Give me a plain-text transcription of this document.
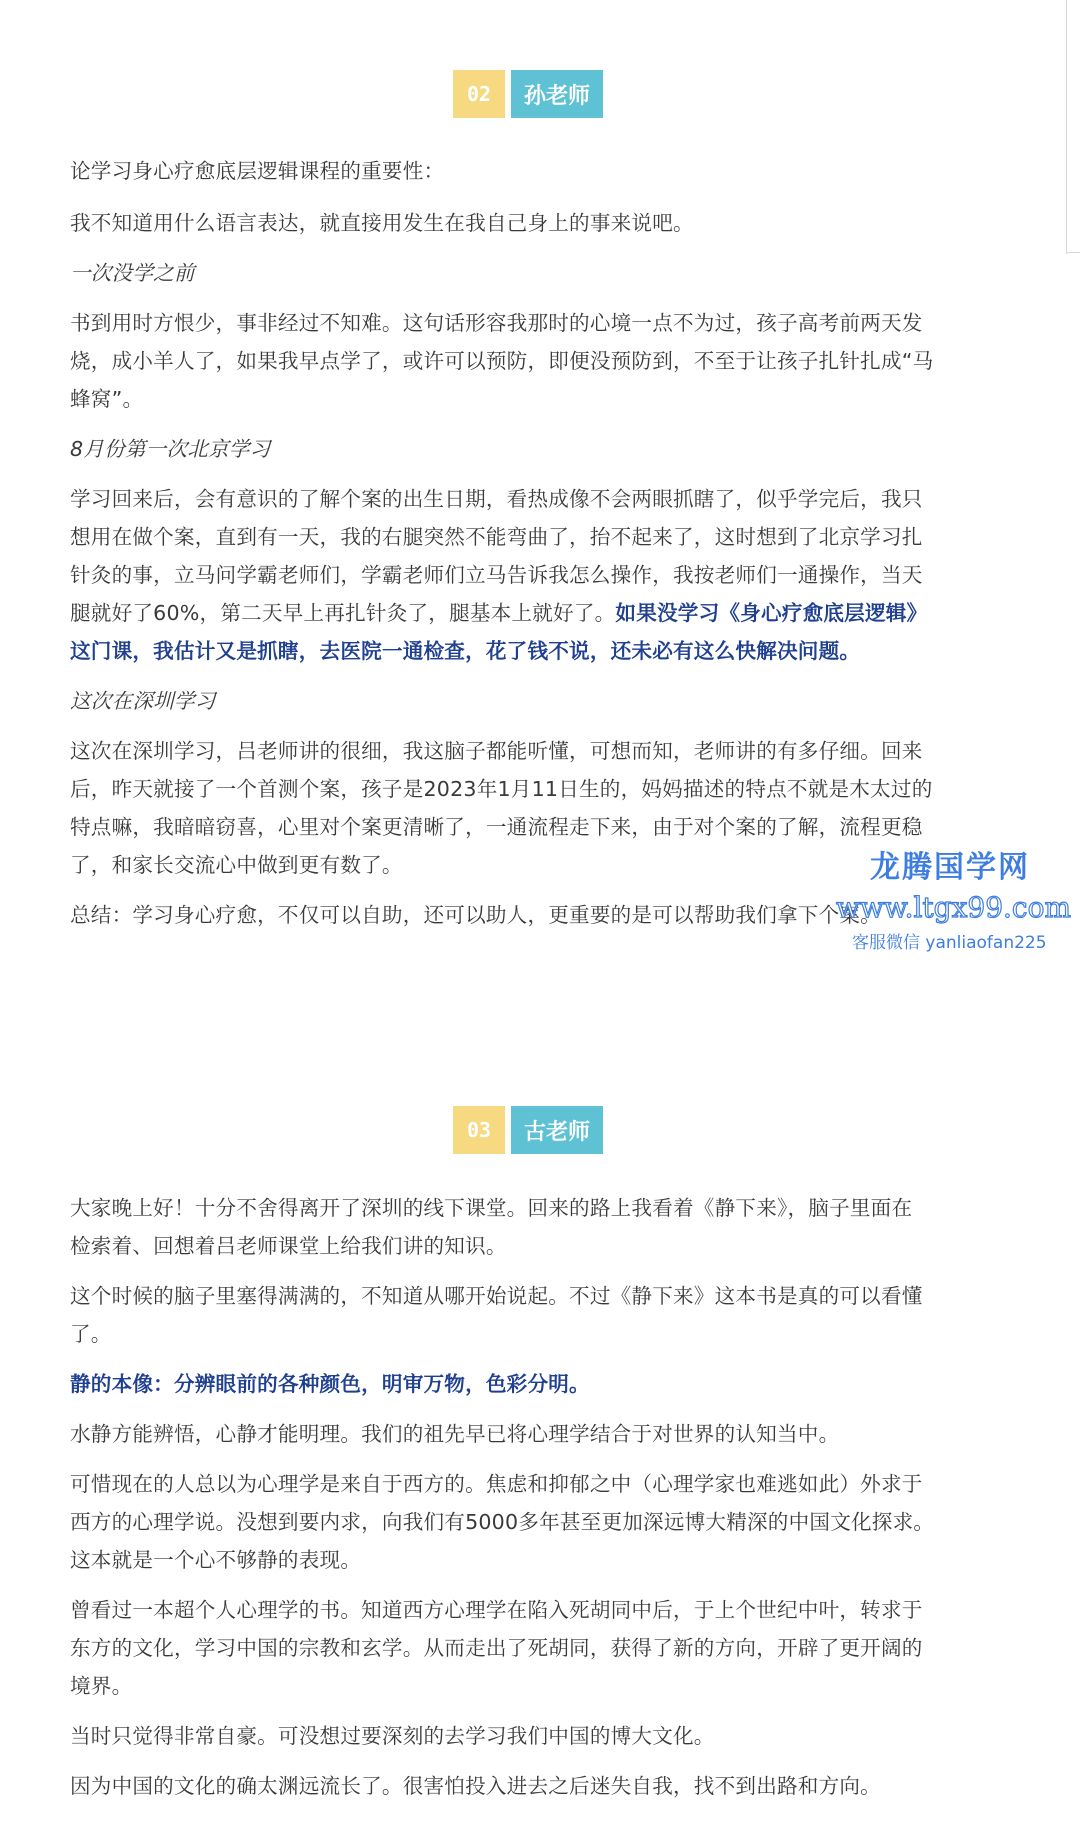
02	孙老师

论学习身心疗愈底层逻辑课程的重要性：

我不知道用什么语言表达，就直接用发生在我自己身上的事来说吧。

一次没学之前

书到用时方恨少，事非经过不知难。这句话形容我那时的心境一点不为过，孩子高考前两天发

烧，成小羊人了，如果我早点学了，或许可以预防，即便没预防到，不至于让孩子扎针扎成“马

蜂窝”。

8月份第一次北京学习

学习回来后，会有意识的了解个案的出生日期，看热成像不会两眼抓瞎了，似乎学完后，我只

想用在做个案，直到有一天，我的右腿突然不能弯曲了，抬不起来了，这时想到了北京学习扎

针灸的事，立马问学霸老师们，学霸老师们立马告诉我怎么操作，我按老师们一通操作，当天

腿就好了60%，第二天早上再扎针灸了，腿基本上就好了。如果没学习《身心疗愈底层逻辑》

这门课，我估计又是抓瞎，去医院一通检查，花了钱不说，还未必有这么快解决问题。

这次在深圳学习

这次在深圳学习，吕老师讲的很细，我这脑子都能听懂，可想而知，老师讲的有多仔细。回来

后，昨天就接了一个首测个案，孩子是2023年1月11日生的，妈妈描述的特点不就是木太过的

特点嘛，我暗暗窃喜，心里对个案更清晰了，一通流程走下来，由于对个案的了解，流程更稳

了，和家长交流心中做到更有数了。

总结：学习身心疗愈，不仅可以自助，还可以助人，更重要的是可以帮助我们拿下个案。

龙腾国学网
www.ltgx99.com
客服微信 yanliaofan225
03	古老师

大家晚上好！十分不舍得离开了深圳的线下课堂。回来的路上我看着《静下来》，脑子里面在

检索着、回想着吕老师课堂上给我们讲的知识。

这个时候的脑子里塞得满满的，不知道从哪开始说起。不过《静下来》这本书是真的可以看懂

了。

静的本像：分辨眼前的各种颜色，明审万物，色彩分明。

水静方能辨悟，心静才能明理。我们的祖先早已将心理学结合于对世界的认知当中。

可惜现在的人总以为心理学是来自于西方的。焦虑和抑郁之中（心理学家也难逃如此）外求于

西方的心理学说。没想到要内求，向我们有5000多年甚至更加深远博大精深的中国文化探求。

这本就是一个心不够静的表现。

曾看过一本超个人心理学的书。知道西方心理学在陷入死胡同中后，于上个世纪中叶，转求于

东方的文化，学习中国的宗教和玄学。从而走出了死胡同，获得了新的方向，开辟了更开阔的

境界。

当时只觉得非常自豪。可没想过要深刻的去学习我们中国的博大文化。

因为中国的文化的确太渊远流长了。很害怕投入进去之后迷失自我，找不到出路和方向。
